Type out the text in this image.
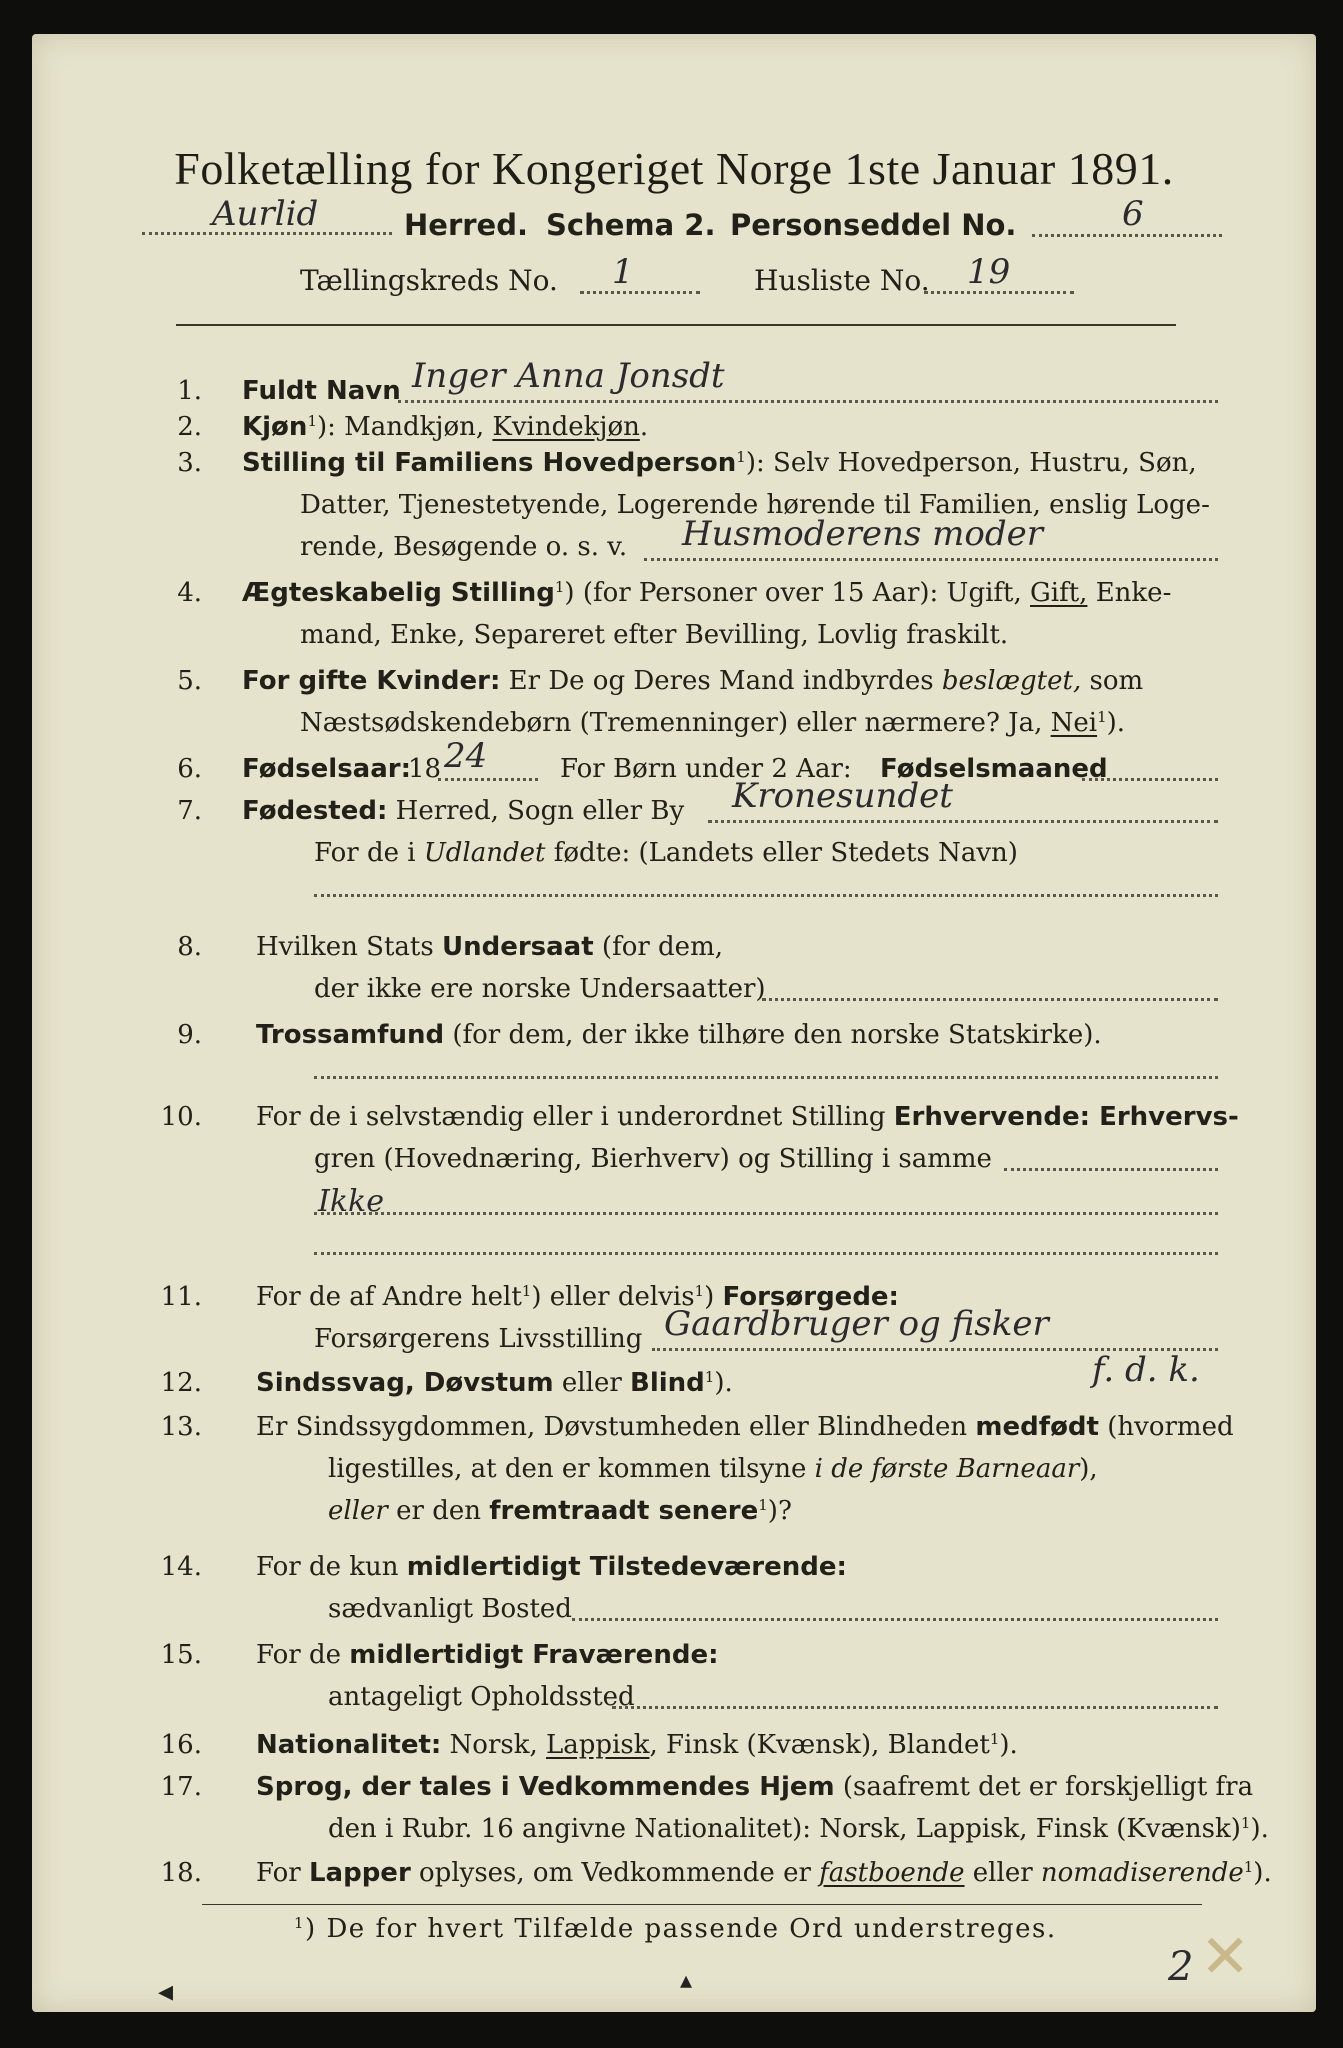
Folketælling for Kongeriget Norge 1ste Januar 1891.
Aurlid	Herred. Schema 2. Personseddel No.	6
Tællingskreds No. 1	Husliste No. 19
1. Fuldt Navn Inger Anna Jonsdt
2. Kjøn$^1$): Mandkjøn, Kvindekjøn.
3. Stilling til Familiens Hovedperson$^1$): Selv Hovedperson, Hustru, Søn,
Datter, Tjenestetyende, Logerende hørende til Familien, enslig Loge-
rende, Besøgende o. s. v. Husmoderens moder
4. Ægteskabelig Stilling$^1$) (for Personer over 15 Aar): Ugift, Gift, Enke-
mand, Enke, Separeret efter Bevilling, Lovlig fraskilt.
5. For gifte Kvinder: Er De og Deres Mand indbyrdes beslægtet, som
Næstsødskendebørn (Tremenninger) eller nærmere? Ja, Nei$^1$).
6. Fødselsaar:
18 24	For Børn under 2 Aar: Fødselsmaaned
7. Fødested: Herred, Sogn eller By Kronesundet
For de i Udlandet fødte: (Landets eller Stedets Navn)
8. Hvilken Stats Undersaat (for dem,
der ikke ere norske Undersaatter)
9. Trossamfund (for dem, der ikke tilhøre den norske Statskirke).
10. For de i selvstændig eller i underordnet Stilling Erhvervende: Erhvervs-
gren (Hovednæring, Bierhverv) og Stilling i samme
Ikke
11. For de af Andre helt$^1$) eller delvis$^1$) Forsørgede:
Forsørgerens Livsstilling Gaardbruger og fisker
f. d. k.
12. Sindssvag, Døvstum eller Blind$^1$).
13. Er Sindssygdommen, Døvstumheden eller Blindheden medfødt (hvormed
ligestilles, at den er kommen tilsyne i de første Barneaar),
eller er den fremtraadt senere$^1$)?
14. For de kun midlertidigt Tilstedeværende:
sædvanligt Bosted
15. For de midlertidigt Fraværende:
antageligt Opholdssted
16. Nationalitet: Norsk, Lappisk, Finsk (Kvænsk), Blandet$^1$).
17. Sprog, der tales i Vedkommendes Hjem (saafremt det er forskjelligt fra
den i Rubr. 16 angivne Nationalitet): Norsk, Lappisk, Finsk (Kvænsk)$^1$).
18. For Lapper oplyses, om Vedkommende er fastboende eller nomadiserende$^1$).
$^1$) De for hvert Tilfælde passende Ord understreges.
◂	▴	2 ✕
